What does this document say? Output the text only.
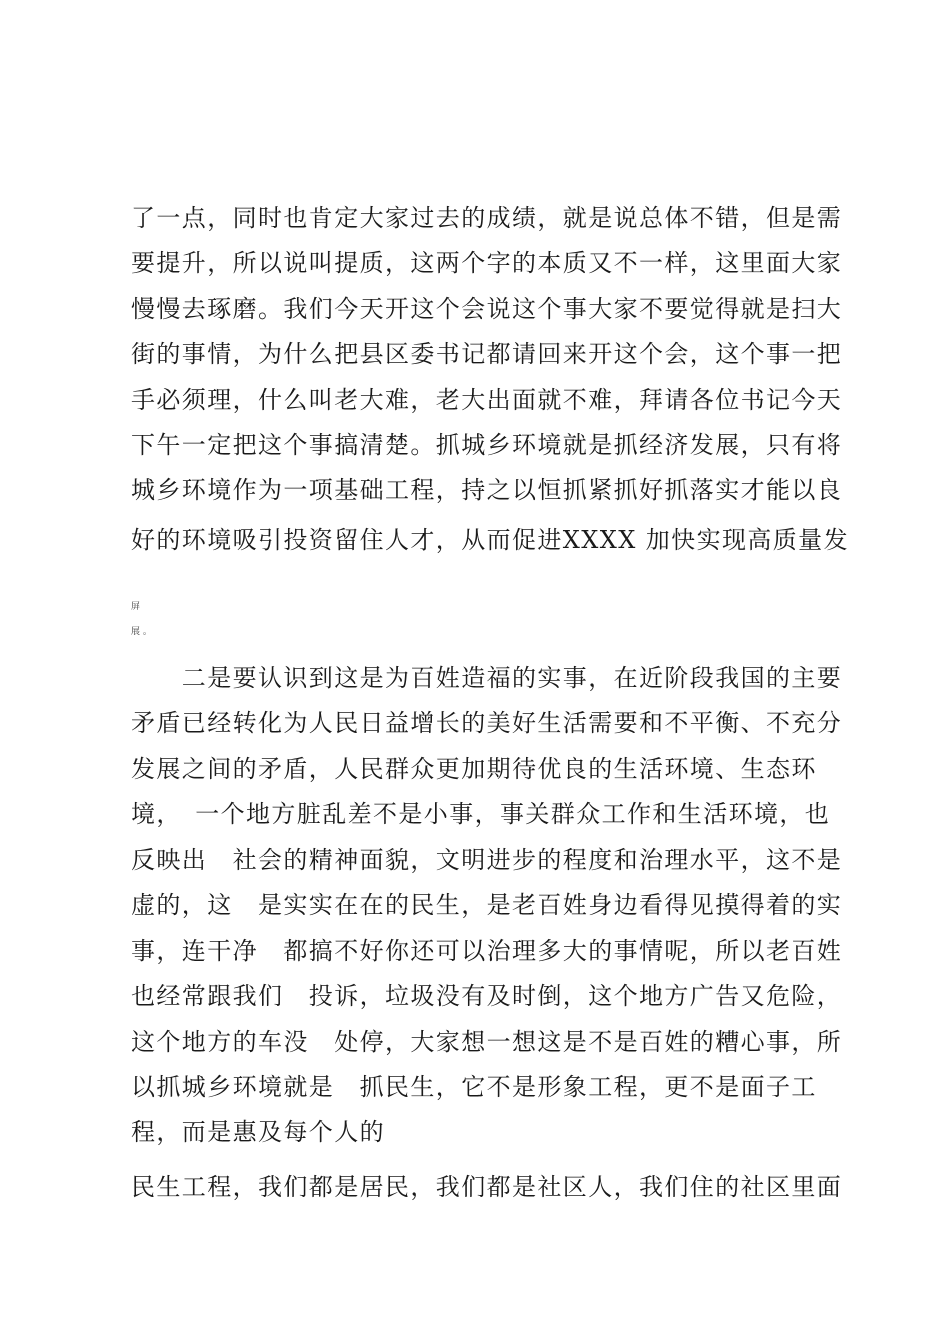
了一点，同时也肯定大家过去的成绩，就是说总体不错，但是需
要提升，所以说叫提质，这两个字的本质又不一样，这里面大家
慢慢去琢磨。我们今天开这个会说这个事大家不要觉得就是扫大
街的事情，为什么把县区委书记都请回来开这个会，这个事一把
手必须理，什么叫老大难，老大出面就不难，拜请各位书记今天
下午一定把这个事搞清楚。抓城乡环境就是抓经济发展，只有将
城乡环境作为一项基础工程，持之以恒抓紧抓好抓落实才能以良
好的环境吸引投资留住人才，从而促进XXXX 加快实现高质量发
屏
展 。
　　二是要认识到这是为百姓造福的实事，在近阶段我国的主要
矛盾已经转化为人民日益增长的美好生活需要和不平衡、不充分
发展之间的矛盾，人民群众更加期待优良的生活环境、生态环
境，　一个地方脏乱差不是小事，事关群众工作和生活环境，也
反映出　社会的精神面貌，文明进步的程度和治理水平，这不是
虚的，这　是实实在在的民生，是老百姓身边看得见摸得着的实
事，连干净　都搞不好你还可以治理多大的事情呢，所以老百姓
也经常跟我们　投诉，垃圾没有及时倒，这个地方广告又危险，
这个地方的车没　处停，大家想一想这是不是百姓的糟心事，所
以抓城乡环境就是　抓民生，它不是形象工程，更不是面子工
程，而是惠及每个人的
民生工程，我们都是居民，我们都是社区人，我们住的社区里面
